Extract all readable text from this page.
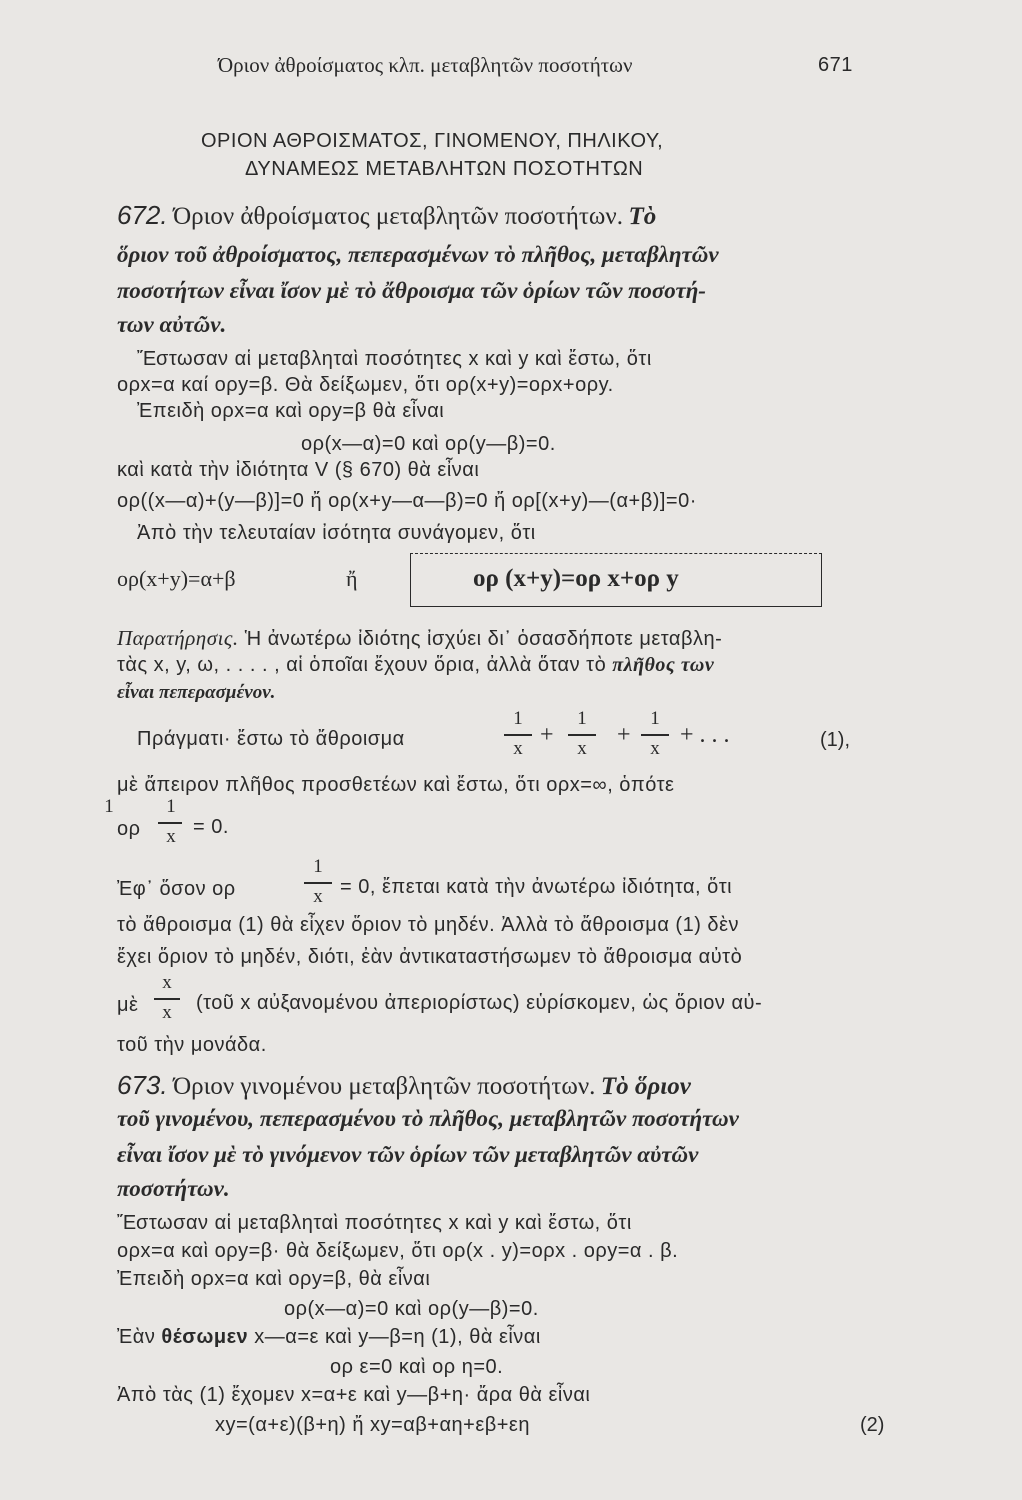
Όριον ἀθροίσματος κλπ. μεταβλητῶν ποσοτήτων	671
ΟΡΙΟΝ ΑΘΡΟΙΣΜΑΤΟΣ, ΓΙΝΟΜΕΝΟΥ, ΠΗΛΙΚΟΥ,
ΔΥΝΑΜΕΩΣ ΜΕΤΑΒΛΗΤΩΝ ΠΟΣΟΤΗΤΩΝ
672. Όριον ἀθροίσματος μεταβλητῶν ποσοτήτων. Τὸ
ὅριον τοῦ ἀθροίσματος, πεπερασμένων τὸ πλῆθος, μεταβλητῶν
ποσοτήτων εἶναι ἴσον μὲ τὸ ἄθροισμα τῶν ὁρίων τῶν ποσοτή-
των αὐτῶν.
Ἔστωσαν αἱ μεταβληταὶ ποσότητες x καὶ y καὶ ἔστω, ὅτι
ορx=α καί ορy=β. Θὰ δείξωμεν, ὅτι ορ(x+y)=ορx+ορy.
Ἐπειδὴ ορx=α καὶ ορy=β θὰ εἶναι
ορ(x—α)=0 καὶ ορ(y—β)=0.
καὶ κατὰ τὴν ἰδιότητα V (§ 670) θὰ εἶναι
ορ((x—α)+(y—β)]=0 ἤ ορ(x+y—α—β)=0 ἤ ορ[(x+y)—(α+β)]=0·
Ἀπὸ τὴν τελευταίαν ἰσότητα συνάγομεν, ὅτι
ορ(x+y)=α+β	ἤ	ορ (x+y)=ορ x+ορ y
Παρατήρησις. Ἡ ἀνωτέρω ἰδιότης ἰσχύει δι᾽ ὁσασδήποτε μεταβλη-
τὰς x, y, ω, . . . . , αἱ ὁποῖαι ἔχουν ὅρια, ἀλλὰ ὅταν τὸ πλῆθος των
εἶναι πεπερασμένον.
Πράγματι· ἔστω τὸ ἄθροισμα
1
x
+
1
x
+
1
x
+ . . .	(1),
μὲ ἄπειρον πλῆθος προσθετέων καὶ ἔστω, ὅτι ορx=∞, ὁπότε
ορ
1	1
x = 0.
Ἐφ᾽ ὅσον ορ
1
x = 0, ἔπεται κατὰ τὴν ἀνωτέρω ἰδιότητα, ὅτι
τὸ ἄθροισμα (1) θὰ εἶχεν ὅριον τὸ μηδέν. Ἀλλὰ τὸ ἄθροισμα (1) δὲν
ἔχει ὅριον τὸ μηδέν, διότι, ἐὰν ἀντικαταστήσωμεν τὸ ἄθροισμα αὐτὸ
μὲ
x
x	(τοῦ x αὐξανομένου ἀπεριορίστως) εὑρίσκομεν, ὡς ὅριον αὐ-
τοῦ τὴν μονάδα.
673. Όριον γινομένου μεταβλητῶν ποσοτήτων. Τὸ ὅριον
τοῦ γινομένου, πεπερασμένου τὸ πλῆθος, μεταβλητῶν ποσοτήτων
εἶναι ἴσον μὲ τὸ γινόμενον τῶν ὁρίων τῶν μεταβλητῶν αὐτῶν
ποσοτήτων.
Ἔστωσαν αἱ μεταβληταὶ ποσότητες x καὶ y καὶ ἔστω, ὅτι
ορx=α καὶ ορy=β· θὰ δείξωμεν, ὅτι ορ(x . y)=ορx . ορy=α . β.
Ἐπειδὴ ορx=α καὶ ορy=β, θὰ εἶναι
ορ(x—α)=0 καὶ ορ(y—β)=0.
Ἐὰν θέσωμεν x—α=ε καὶ y—β=η (1), θὰ εἶναι
ορ ε=0 καὶ ορ η=0.
Ἀπὸ τὰς (1) ἔχομεν x=α+ε καὶ y—β+η· ἄρα θὰ εἶναι
xy=(α+ε)(β+η) ἤ xy=αβ+αη+εβ+εη	(2)
